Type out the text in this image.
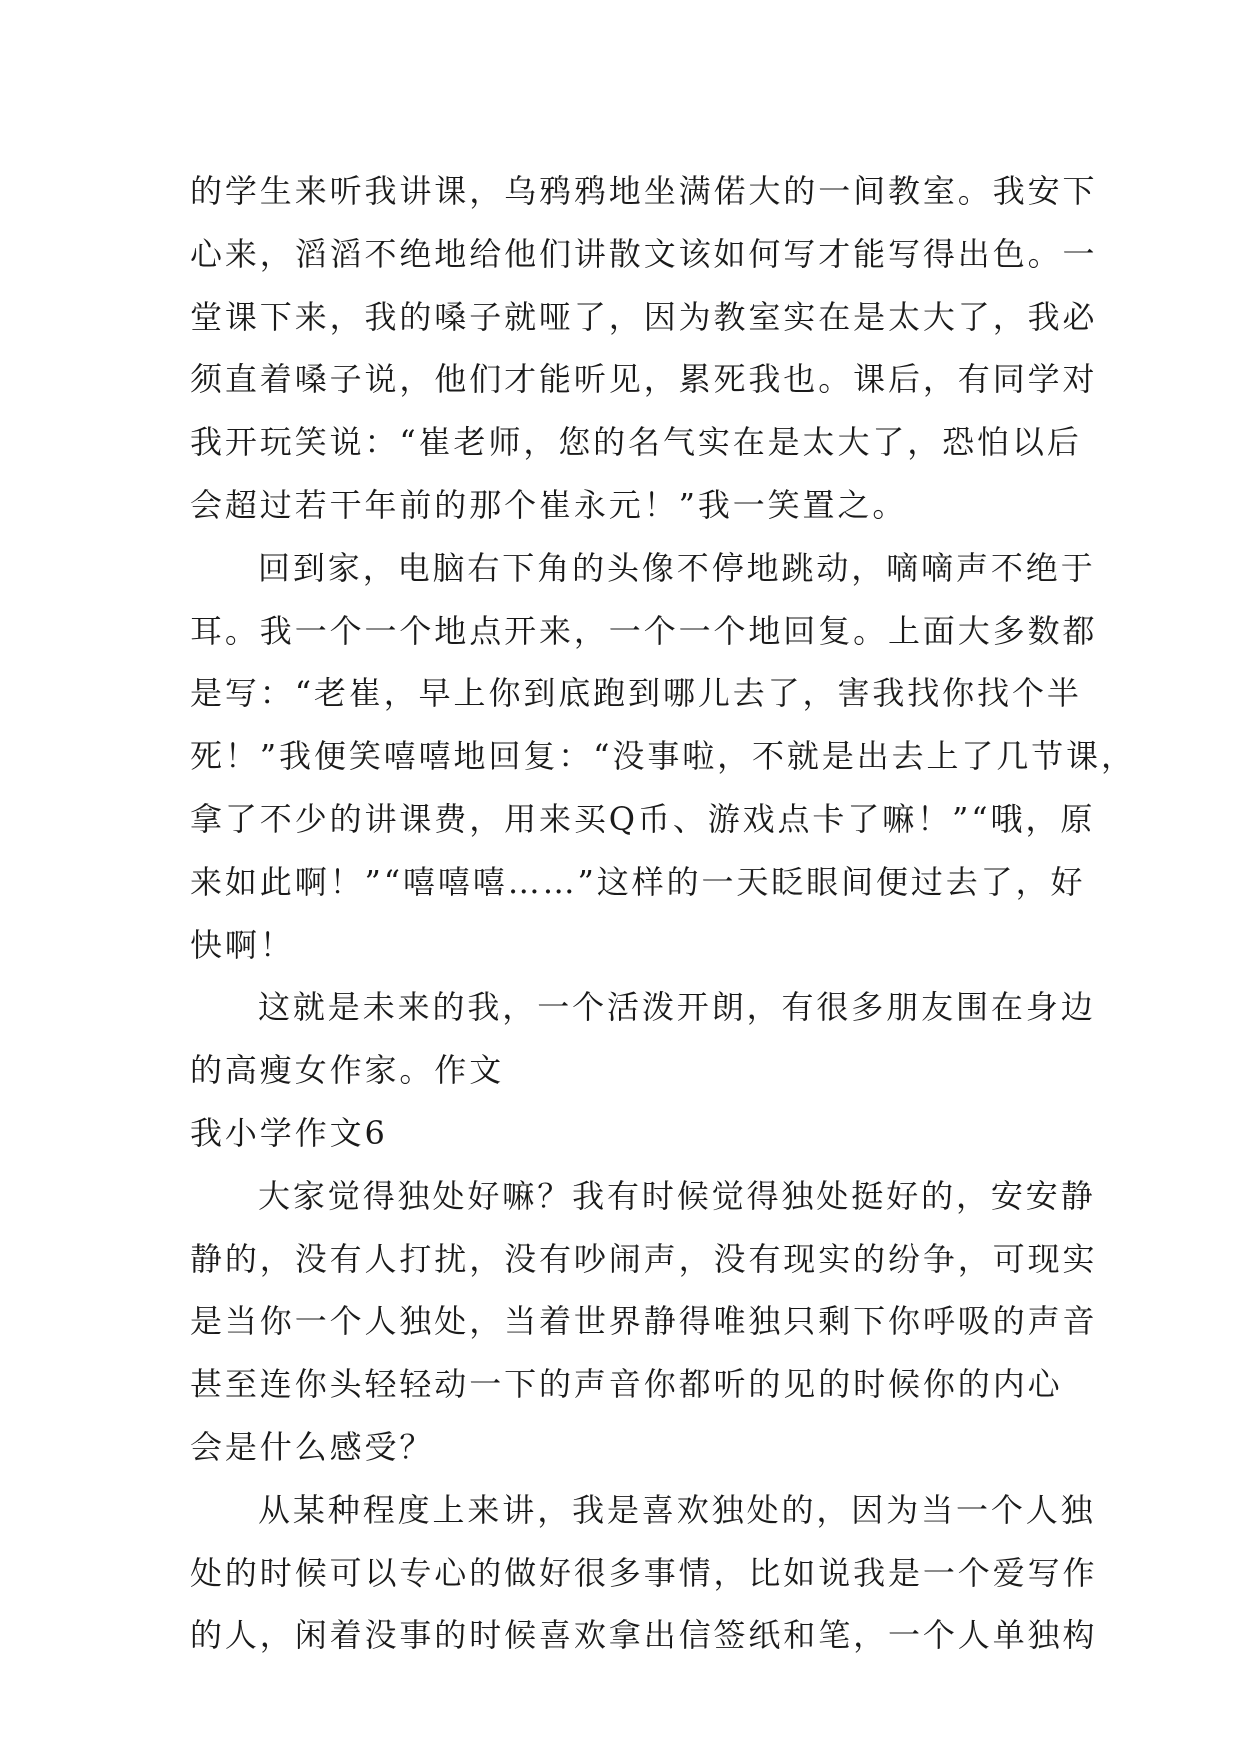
的学生来听我讲课，乌鸦鸦地坐满偌大的一间教室。我安下
心来，滔滔不绝地给他们讲散文该如何写才能写得出色。一
堂课下来，我的嗓子就哑了，因为教室实在是太大了，我必
须直着嗓子说，他们才能听见，累死我也。课后，有同学对
我开玩笑说：“崔老师，您的名气实在是太大了，恐怕以后
会超过若干年前的那个崔永元！”我一笑置之。
回到家，电脑右下角的头像不停地跳动，嘀嘀声不绝于
耳。我一个一个地点开来，一个一个地回复。上面大多数都
是写：“老崔，早上你到底跑到哪儿去了，害我找你找个半
死！”我便笑嘻嘻地回复：“没事啦，不就是出去上了几节课，
拿了不少的讲课费，用来买Q币、游戏点卡了嘛！”“哦，原
来如此啊！”“嘻嘻嘻……”这样的一天眨眼间便过去了，好
快啊！
这就是未来的我，一个活泼开朗，有很多朋友围在身边
的高瘦女作家。作文
我小学作文6
大家觉得独处好嘛？我有时候觉得独处挺好的，安安静
静的，没有人打扰，没有吵闹声，没有现实的纷争，可现实
是当你一个人独处，当着世界静得唯独只剩下你呼吸的声音
甚至连你头轻轻动一下的声音你都听的见的时候你的内心
会是什么感受？
从某种程度上来讲，我是喜欢独处的，因为当一个人独
处的时候可以专心的做好很多事情，比如说我是一个爱写作
的人，闲着没事的时候喜欢拿出信签纸和笔，一个人单独构
